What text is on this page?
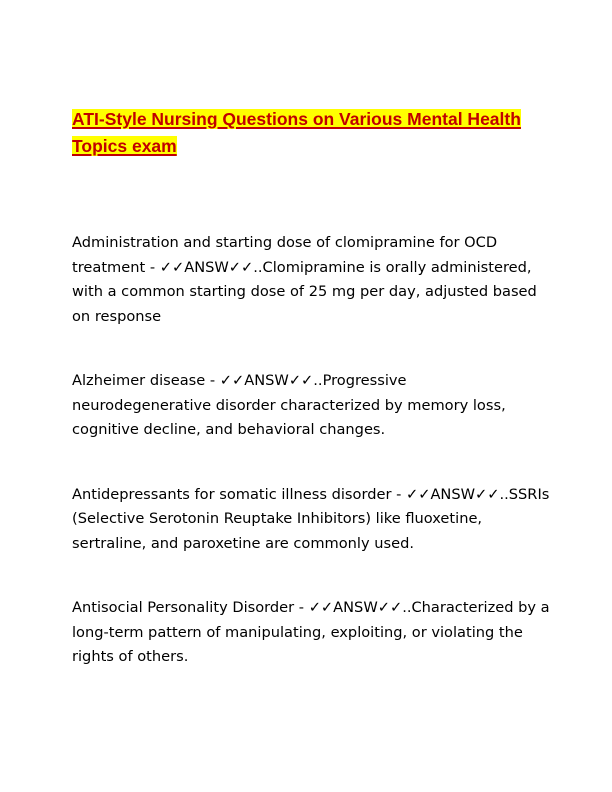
ATI-Style Nursing Questions on Various Mental Health Topics exam
Administration and starting dose of clomipramine for OCD treatment - ✓✓ANSW✓✓..Clomipramine is orally administered, with a common starting dose of 25 mg per day, adjusted based on response
Alzheimer disease - ✓✓ANSW✓✓..Progressive neurodegenerative disorder characterized by memory loss, cognitive decline, and behavioral changes.
Antidepressants for somatic illness disorder - ✓✓ANSW✓✓..SSRIs (Selective Serotonin Reuptake Inhibitors) like fluoxetine, sertraline, and paroxetine are commonly used.
Antisocial Personality Disorder - ✓✓ANSW✓✓..Characterized by a long-term pattern of manipulating, exploiting, or violating the rights of others.
